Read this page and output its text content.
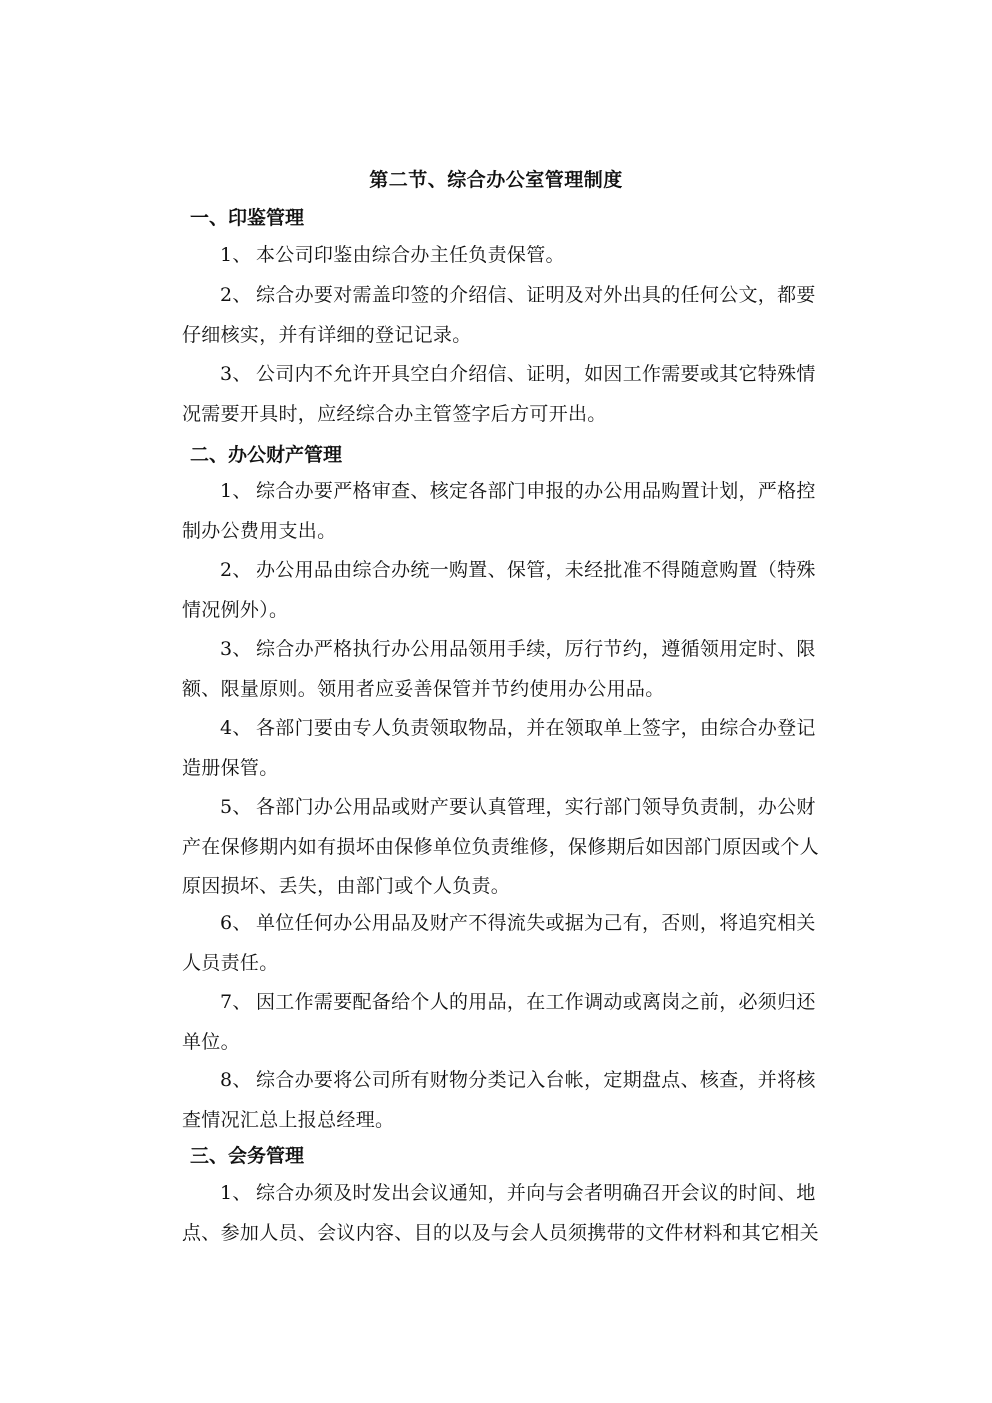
第二节、综合办公室管理制度
一、印鉴管理
1、 本公司印鉴由综合办主任负责保管。
2、 综合办要对需盖印签的介绍信、证明及对外出具的任何公文，都要
仔细核实，并有详细的登记记录。
3、 公司内不允许开具空白介绍信、证明，如因工作需要或其它特殊情
况需要开具时，应经综合办主管签字后方可开出。
二、办公财产管理
1、 综合办要严格审查、核定各部门申报的办公用品购置计划，严格控
制办公费用支出。
2、 办公用品由综合办统一购置、保管，未经批准不得随意购置（特殊
情况例外）。
3、 综合办严格执行办公用品领用手续，厉行节约，遵循领用定时、限
额、限量原则。领用者应妥善保管并节约使用办公用品。
4、 各部门要由专人负责领取物品，并在领取单上签字，由综合办登记
造册保管。
5、 各部门办公用品或财产要认真管理，实行部门领导负责制，办公财
产在保修期内如有损坏由保修单位负责维修，保修期后如因部门原因或个人
原因损坏、丢失，由部门或个人负责。
6、 单位任何办公用品及财产不得流失或据为己有，否则，将追究相关
人员责任。
7、 因工作需要配备给个人的用品，在工作调动或离岗之前，必须归还
单位。
8、 综合办要将公司所有财物分类记入台帐，定期盘点、核查，并将核
查情况汇总上报总经理。
三、会务管理
1、 综合办须及时发出会议通知，并向与会者明确召开会议的时间、地
点、参加人员、会议内容、目的以及与会人员须携带的文件材料和其它相关
